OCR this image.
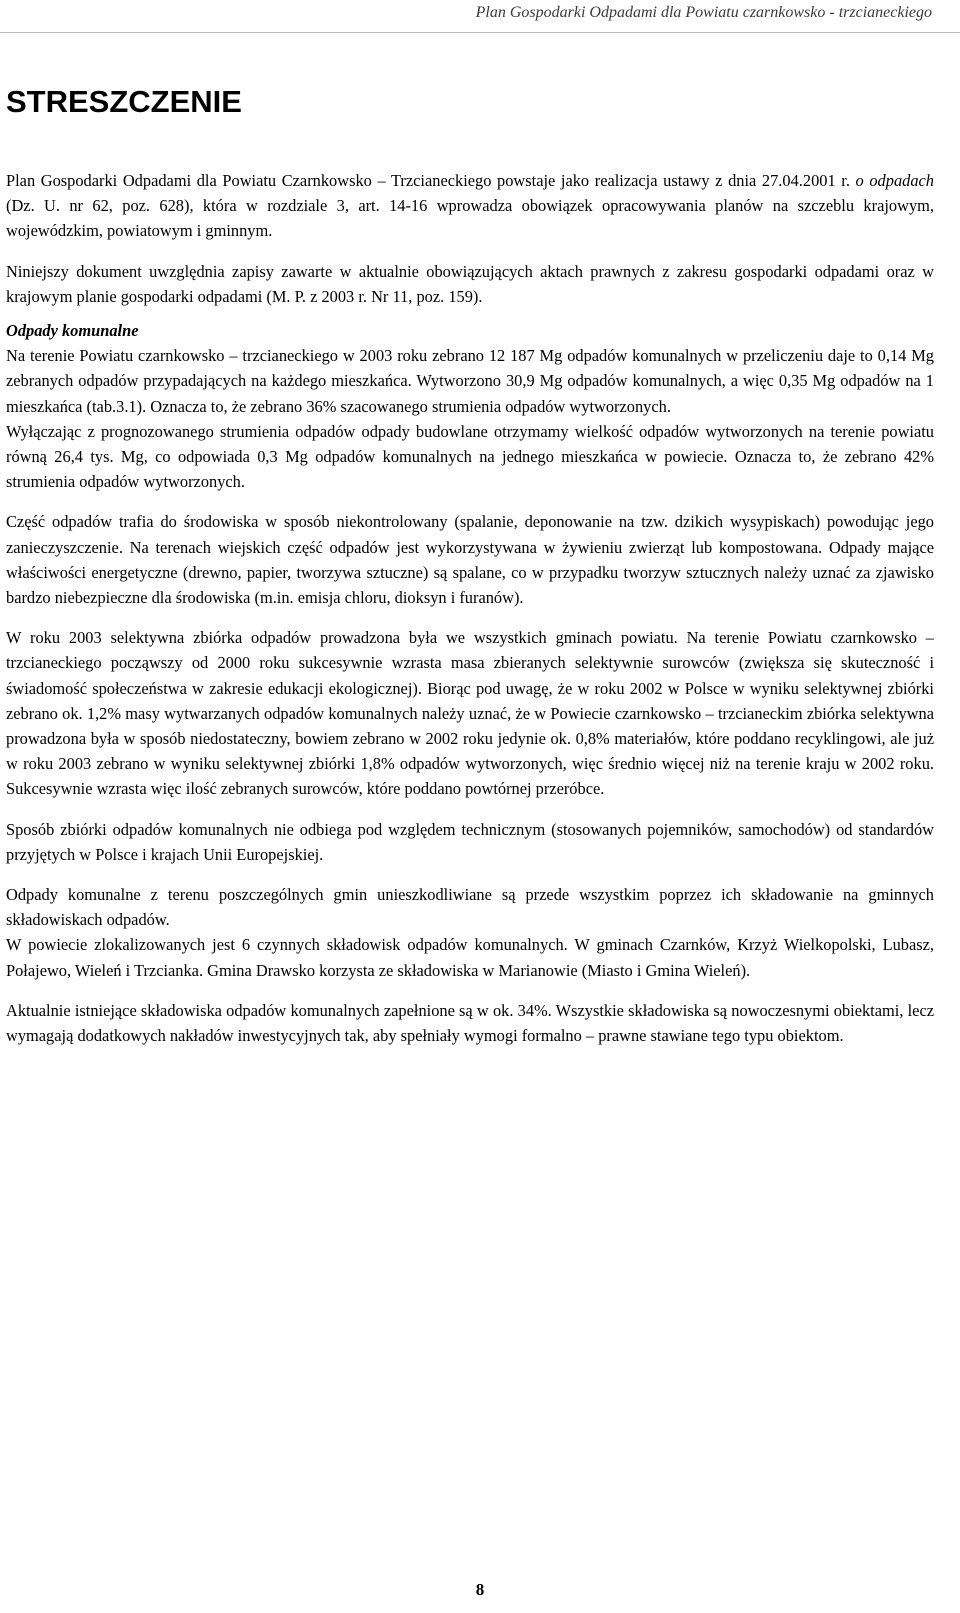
Plan Gospodarki Odpadami dla Powiatu czarnkowsko - trzcianeckiego
STRESZCZENIE

Plan Gospodarki Odpadami dla Powiatu Czarnkowsko – Trzcianeckiego powstaje jako realizacja ustawy z dnia 27.04.2001 r. o odpadach (Dz. U. nr 62, poz. 628), która w rozdziale 3, art. 14-16 wprowadza obowiązek opracowywania planów na szczeblu krajowym, wojewódzkim, powiatowym i gminnym.

Niniejszy dokument uwzględnia zapisy zawarte w aktualnie obowiązujących aktach prawnych z zakresu gospodarki odpadami oraz w krajowym planie gospodarki odpadami (M. P. z 2003 r. Nr 11, poz. 159).

Odpady komunalne
Na terenie Powiatu czarnkowsko – trzcianeckiego w 2003 roku zebrano 12 187 Mg odpadów komunalnych w przeliczeniu daje to 0,14 Mg zebranych odpadów przypadających na każdego mieszkańca. Wytworzono 30,9 Mg odpadów komunalnych, a więc 0,35 Mg odpadów na 1 mieszkańca (tab.3.1). Oznacza to, że zebrano 36% szacowanego strumienia odpadów wytworzonych.

Wyłączając z prognozowanego strumienia odpadów odpady budowlane otrzymamy wielkość odpadów wytworzonych na terenie powiatu równą 26,4 tys. Mg, co odpowiada 0,3 Mg odpadów komunalnych na jednego mieszkańca w powiecie. Oznacza to, że zebrano 42% strumienia odpadów wytworzonych.

Część odpadów trafia do środowiska w sposób niekontrolowany (spalanie, deponowanie na tzw. dzikich wysypiskach) powodując jego zanieczyszczenie. Na terenach wiejskich część odpadów jest wykorzystywana w żywieniu zwierząt lub kompostowana. Odpady mające właściwości energetyczne (drewno, papier, tworzywa sztuczne) są spalane, co w przypadku tworzyw sztucznych należy uznać za zjawisko bardzo niebezpieczne dla środowiska (m.in. emisja chloru, dioksyn i furanów).

W roku 2003 selektywna zbiórka odpadów prowadzona była we wszystkich gminach powiatu. Na terenie Powiatu czarnkowsko – trzcianeckiego począwszy od 2000 roku sukcesywnie wzrasta masa zbieranych selektywnie surowców (zwiększa się skuteczność i świadomość społeczeństwa w zakresie edukacji ekologicznej). Biorąc pod uwagę, że w roku 2002 w Polsce w wyniku selektywnej zbiórki zebrano ok. 1,2% masy wytwarzanych odpadów komunalnych należy uznać, że w Powiecie czarnkowsko – trzcianeckim zbiórka selektywna prowadzona była w sposób niedostateczny, bowiem zebrano w 2002 roku jedynie ok. 0,8% materiałów, które poddano recyklingowi, ale już w roku 2003 zebrano w wyniku selektywnej zbiórki 1,8% odpadów wytworzonych, więc średnio więcej niż na terenie kraju w 2002 roku. Sukcesywnie wzrasta więc ilość zebranych surowców, które poddano powtórnej przeróbce.

Sposób zbiórki odpadów komunalnych nie odbiega pod względem technicznym (stosowanych pojemników, samochodów) od standardów przyjętych w Polsce i krajach Unii Europejskiej.

Odpady komunalne z terenu poszczególnych gmin unieszkodliwiane są przede wszystkim poprzez ich składowanie na gminnych składowiskach odpadów.

W powiecie zlokalizowanych jest 6 czynnych składowisk odpadów komunalnych. W gminach Czarnków, Krzyż Wielkopolski, Lubasz, Połajewo, Wieleń i Trzcianka. Gmina Drawsko korzysta ze składowiska w Marianowie (Miasto i Gmina Wieleń).

Aktualnie istniejące składowiska odpadów komunalnych zapełnione są w ok. 34%. Wszystkie składowiska są nowoczesnymi obiektami, lecz wymagają dodatkowych nakładów inwestycyjnych tak, aby spełniały wymogi formalno – prawne stawiane tego typu obiektom.

8
